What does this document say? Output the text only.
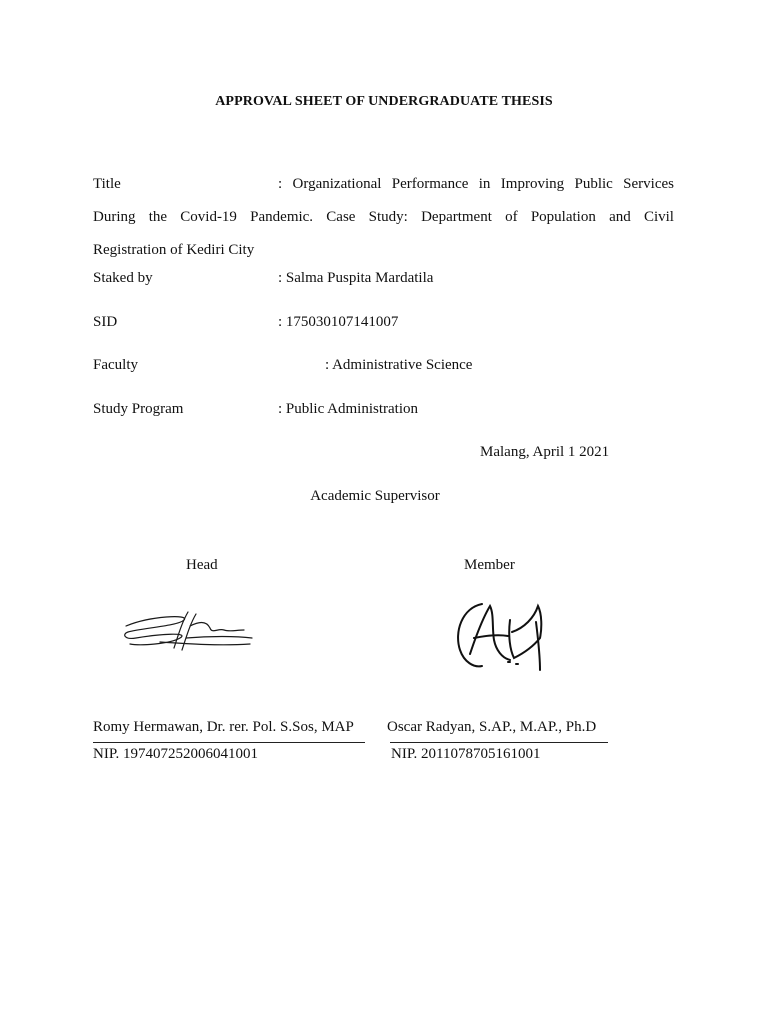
APPROVAL SHEET OF UNDERGRADUATE THESIS
Title	: Organizational Performance in Improving Public Services
During the Covid-19 Pandemic. Case Study: Department of Population and Civil
Registration of Kediri City
Staked by	: Salma Puspita Mardatila
SID	: 175030107141007
Faculty	: Administrative Science
Study Program	: Public Administration
Malang, April 1 2021
Academic Supervisor
Head	Member
Romy Hermawan, Dr. rer. Pol. S.Sos, MAP Oscar Radyan, S.AP., M.AP., Ph.D
NIP. 197407252006041001	NIP. 2011078705161001
